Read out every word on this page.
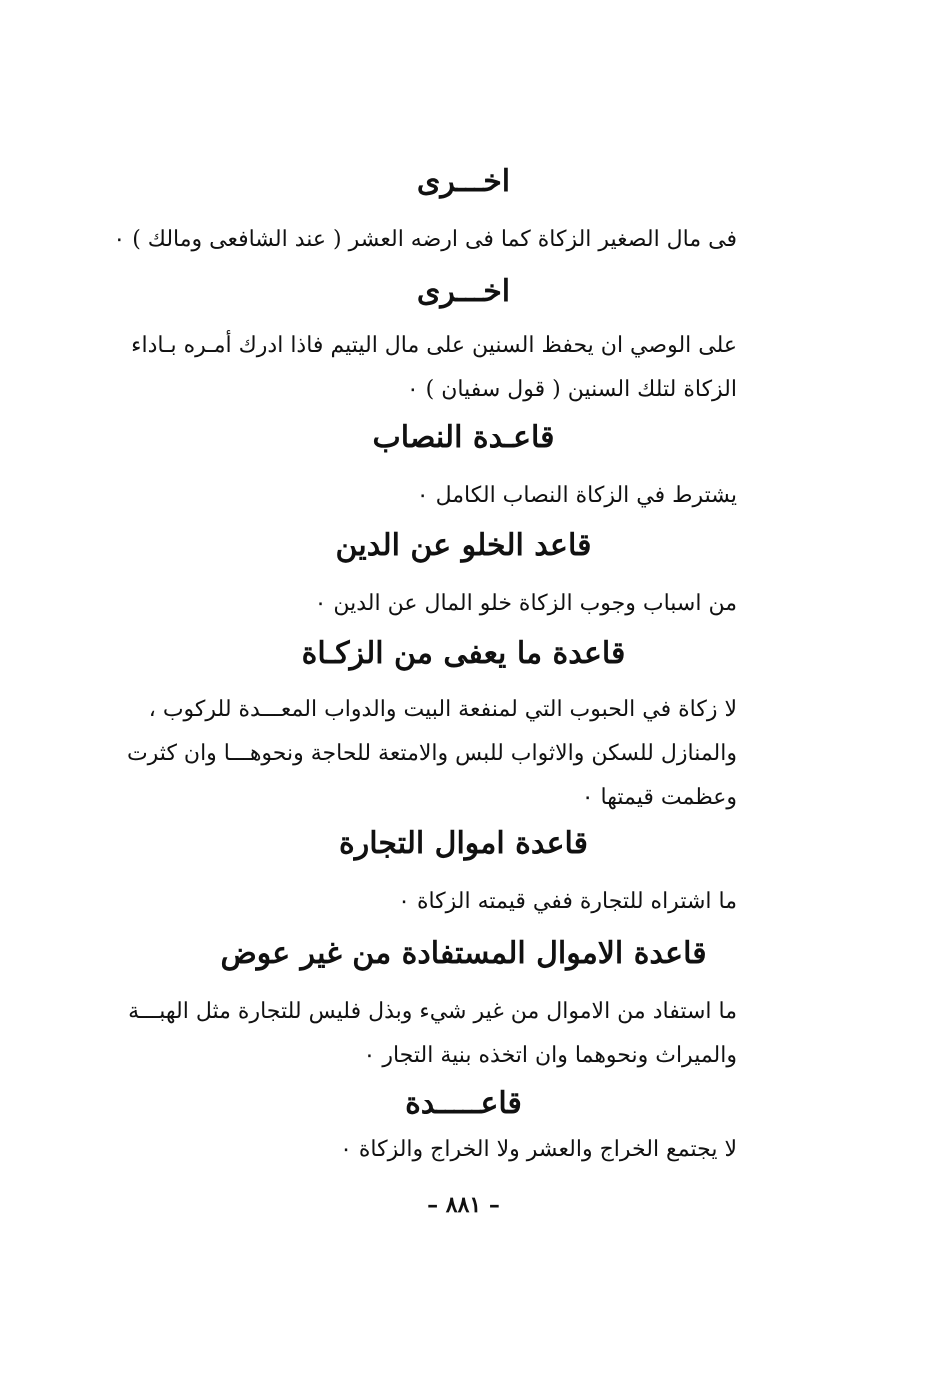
اخـــرى
فى مال الصغير الزكاة كما فى ارضه العشر ( عند الشافعى ومالك ) ٠
اخـــرى
على الوصي ان يحفظ السنين على مال اليتيم فاذا ادرك أمـره بـاداء
الزكاة لتلك السنين ( قول سفيان ) ٠
قاعـدة النصاب
يشترط في الزكاة النصاب الكامل ٠
قاعد الخلو عن الدين
من اسباب وجوب الزكاة خلو المال عن الدين ٠
قاعدة ما يعفى من الزكـاة
لا زكاة في الحبوب التي لمنفعة البيت والدواب المعـــدة للركوب ،
والمنازل للسكن والاثواب للبس والامتعة للحاجة ونحوهـــا وان كثرت
وعظمت قيمتها ٠
قاعدة اموال التجارة
ما اشتراه للتجارة ففي قيمته الزكاة ٠
قاعدة الاموال المستفادة من غير عوض
ما استفاد من الاموال من غير شيء وبذل فليس للتجارة مثل الهبـــة
والميراث ونحوهما وان اتخذه بنية التجار ٠
قاعـــــدة
لا يجتمع الخراج والعشر ولا الخراج والزكاة ٠
– ٨٨١ –
